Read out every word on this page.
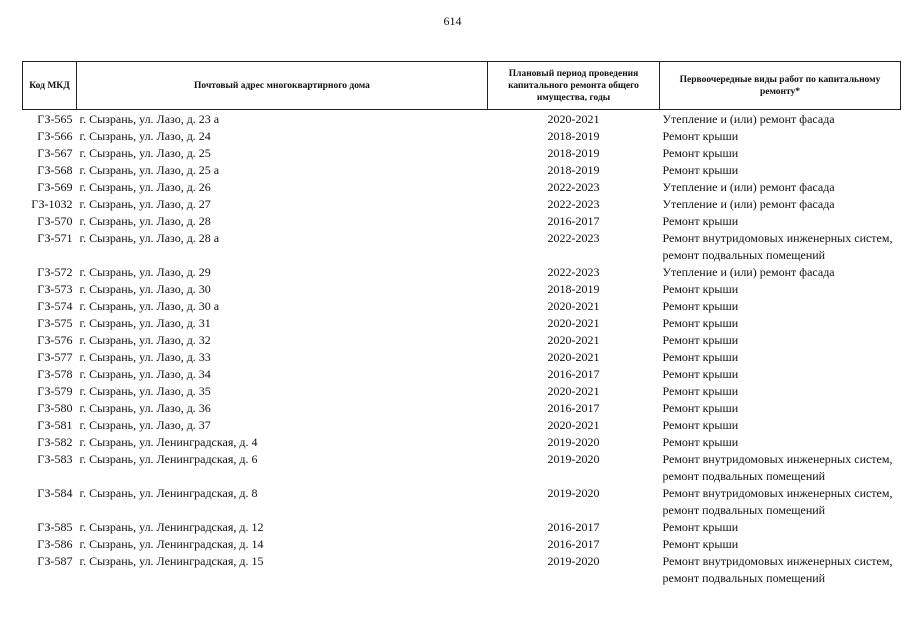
614
Код МКД	Почтовый адрес многоквартирного дома	Плановый период проведения капитального ремонта общего имущества, годы	Первоочередные виды работ по капитальному ремонту*
ГЗ-565	г. Сызрань, ул. Лазо, д. 23 а	2020-2021	Утепление и (или) ремонт фасада
ГЗ-566	г. Сызрань, ул. Лазо, д. 24	2018-2019	Ремонт крыши
ГЗ-567	г. Сызрань, ул. Лазо, д. 25	2018-2019	Ремонт крыши
ГЗ-568	г. Сызрань, ул. Лазо, д. 25 а	2018-2019	Ремонт крыши
ГЗ-569	г. Сызрань, ул. Лазо, д. 26	2022-2023	Утепление и (или) ремонт фасада
ГЗ-1032	г. Сызрань, ул. Лазо, д. 27	2022-2023	Утепление и (или) ремонт фасада
ГЗ-570	г. Сызрань, ул. Лазо, д. 28	2016-2017	Ремонт крыши
ГЗ-571	г. Сызрань, ул. Лазо, д. 28 а	2022-2023	Ремонт внутридомовых инженерных систем, ремонт подвальных помещений
ГЗ-572	г. Сызрань, ул. Лазо, д. 29	2022-2023	Утепление и (или) ремонт фасада
ГЗ-573	г. Сызрань, ул. Лазо, д. 30	2018-2019	Ремонт крыши
ГЗ-574	г. Сызрань, ул. Лазо, д. 30 а	2020-2021	Ремонт крыши
ГЗ-575	г. Сызрань, ул. Лазо, д. 31	2020-2021	Ремонт крыши
ГЗ-576	г. Сызрань, ул. Лазо, д. 32	2020-2021	Ремонт крыши
ГЗ-577	г. Сызрань, ул. Лазо, д. 33	2020-2021	Ремонт крыши
ГЗ-578	г. Сызрань, ул. Лазо, д. 34	2016-2017	Ремонт крыши
ГЗ-579	г. Сызрань, ул. Лазо, д. 35	2020-2021	Ремонт крыши
ГЗ-580	г. Сызрань, ул. Лазо, д. 36	2016-2017	Ремонт крыши
ГЗ-581	г. Сызрань, ул. Лазо, д. 37	2020-2021	Ремонт крыши
ГЗ-582	г. Сызрань, ул. Ленинградская, д. 4	2019-2020	Ремонт крыши
ГЗ-583	г. Сызрань, ул. Ленинградская, д. 6	2019-2020	Ремонт внутридомовых инженерных систем, ремонт подвальных помещений
ГЗ-584	г. Сызрань, ул. Ленинградская, д. 8	2019-2020	Ремонт внутридомовых инженерных систем, ремонт подвальных помещений
ГЗ-585	г. Сызрань, ул. Ленинградская, д. 12	2016-2017	Ремонт крыши
ГЗ-586	г. Сызрань, ул. Ленинградская, д. 14	2016-2017	Ремонт крыши
ГЗ-587	г. Сызрань, ул. Ленинградская, д. 15	2019-2020	Ремонт внутридомовых инженерных систем, ремонт подвальных помещений
